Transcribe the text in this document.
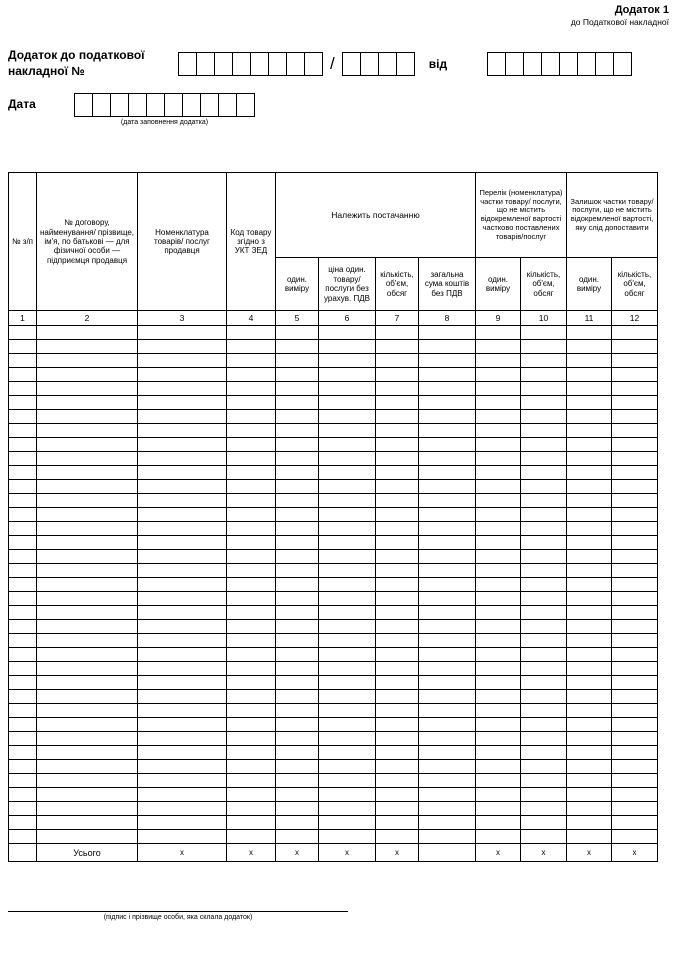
Додаток 1
до Податкової накладної
Додаток до податкової накладної №	/	від
Дата
(дата заповнення додатка)
№ з/п	№ договору, найменування/ прізвище, ім'я, по батькові — для фізичної особи — підприємця продавця	Номенклатура товарів/ послуг продавця	Код товару згідно з УКТ ЗЕД	Належить постачанню				Перелік (номенклатура) частки товару/ послуги, що не містить відокремленої вартості частково поставлених товарів/послуг		Залишок частки товару/послуги, що не містить відокремленої вартості, яку слід допоставити	
				один. виміру	ціна один. товару/ послуги без урахув. ПДВ	кількість, об'єм, обсяг	загальна сума коштів без ПДВ	один. виміру	кількість, об'єм, обсяг	один. виміру	кількість, об'єм, обсяг
1	2	3	4	5	6	7	8	9	10	11	12

	Усього	х	х	х	х	х		х	х	х	х
(підпис і прізвище особи, яка склала додаток)
